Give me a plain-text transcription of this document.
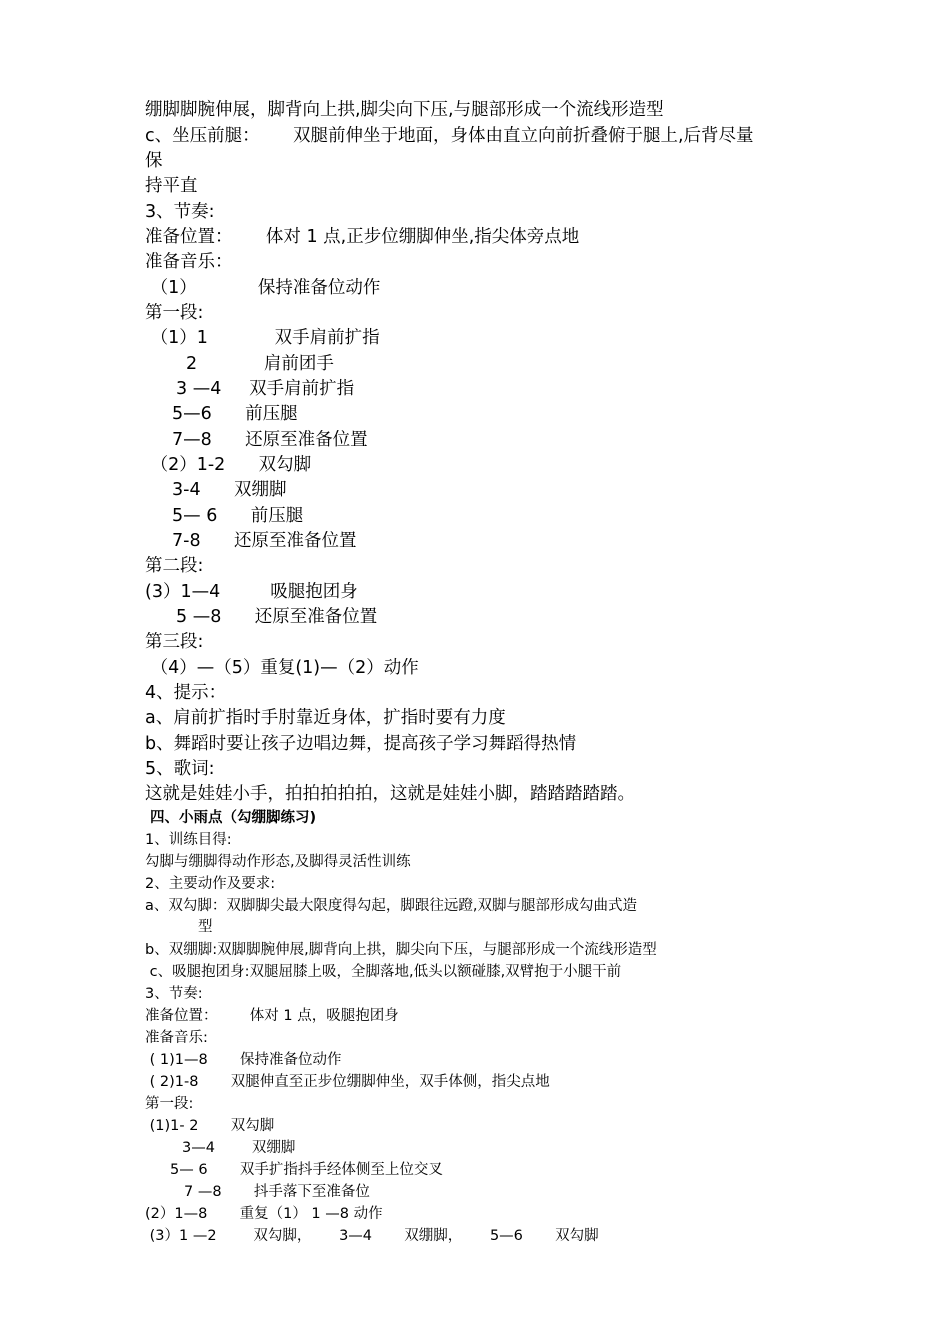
绷脚脚腕伸展，脚背向上拱,脚尖向下压,与腿部形成一个流线形造型
c、坐压前腿：      双腿前伸坐于地面，身体由直立向前折叠俯于腿上,后背尽量
保
持平直
3、节奏:
准备位置：      体对 1 点,正步位绷脚伸坐,指尖体旁点地
准备音乐：
（1）           保持准备位动作
第一段:
（1）1            双手肩前扩指
2            肩前团手
3 —4     双手肩前扩指
5—6      前压腿
7—8      还原至准备位置
（2）1-2      双勾脚
3-4      双绷脚
5— 6      前压腿
7-8      还原至准备位置
第二段:
(3）1—4         吸腿抱团身
5 —8      还原至准备位置
第三段:
（4）—（5）重复(1)—（2）动作
4、提示：
a、肩前扩指时手肘靠近身体，扩指时要有力度
b、舞蹈时要让孩子边唱边舞，提高孩子学习舞蹈得热情
5、歌词:
这就是娃娃小手，拍拍拍拍拍，这就是娃娃小脚，踏踏踏踏踏。
四、小雨点（勾绷脚练习)
1、训练目得:
勾脚与绷脚得动作形态,及脚得灵活性训练
2、主要动作及要求:
a、双勾脚：双脚脚尖最大限度得勾起，脚跟往远蹬,双脚与腿部形成勾曲式造
型
b、双绷脚:双脚脚腕伸展,脚背向上拱，脚尖向下压，与腿部形成一个流线形造型
c、吸腿抱团身:双腿屈膝上吸，全脚落地,低头以额碰膝,双臂抱于小腿干前
3、节奏:
准备位置：       体对 1 点，吸腿抱团身
准备音乐:
( 1)1—8       保持准备位动作
( 2)1-8       双腿伸直至正步位绷脚伸坐，双手体侧，指尖点地
第一段:
(1)1- 2       双勾脚
3—4        双绷脚
5— 6       双手扩指抖手经体侧至上位交叉
7 —8       抖手落下至准备位
(2）1—8       重复（1） 1 —8 动作
(3）1 —2        双勾脚，      3—4       双绷脚，      5—6       双勾脚
